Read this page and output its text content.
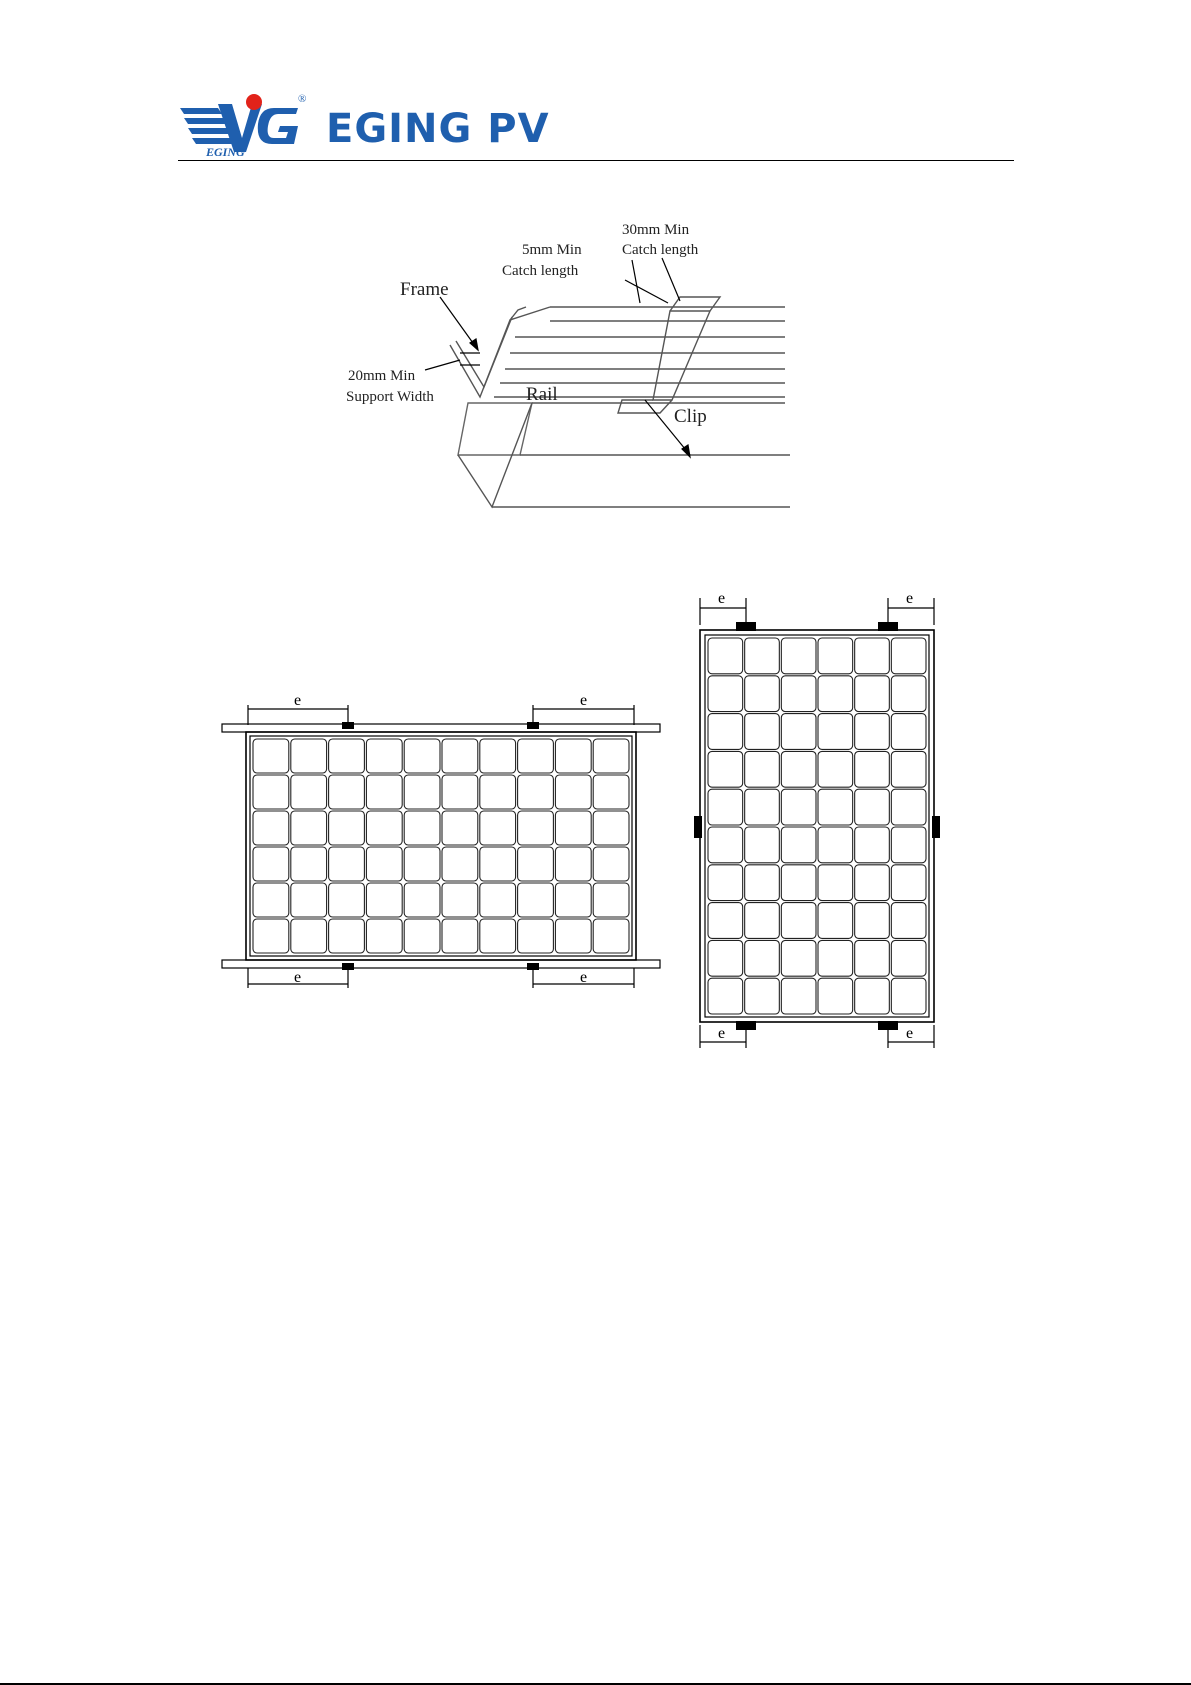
®
EGING EGING PV
30mm Min
Catch length
5mm Min
Catch length
Frame
20mm Min
Support Width	Rail
Clip
e	e
e	e
e	e
e	e
